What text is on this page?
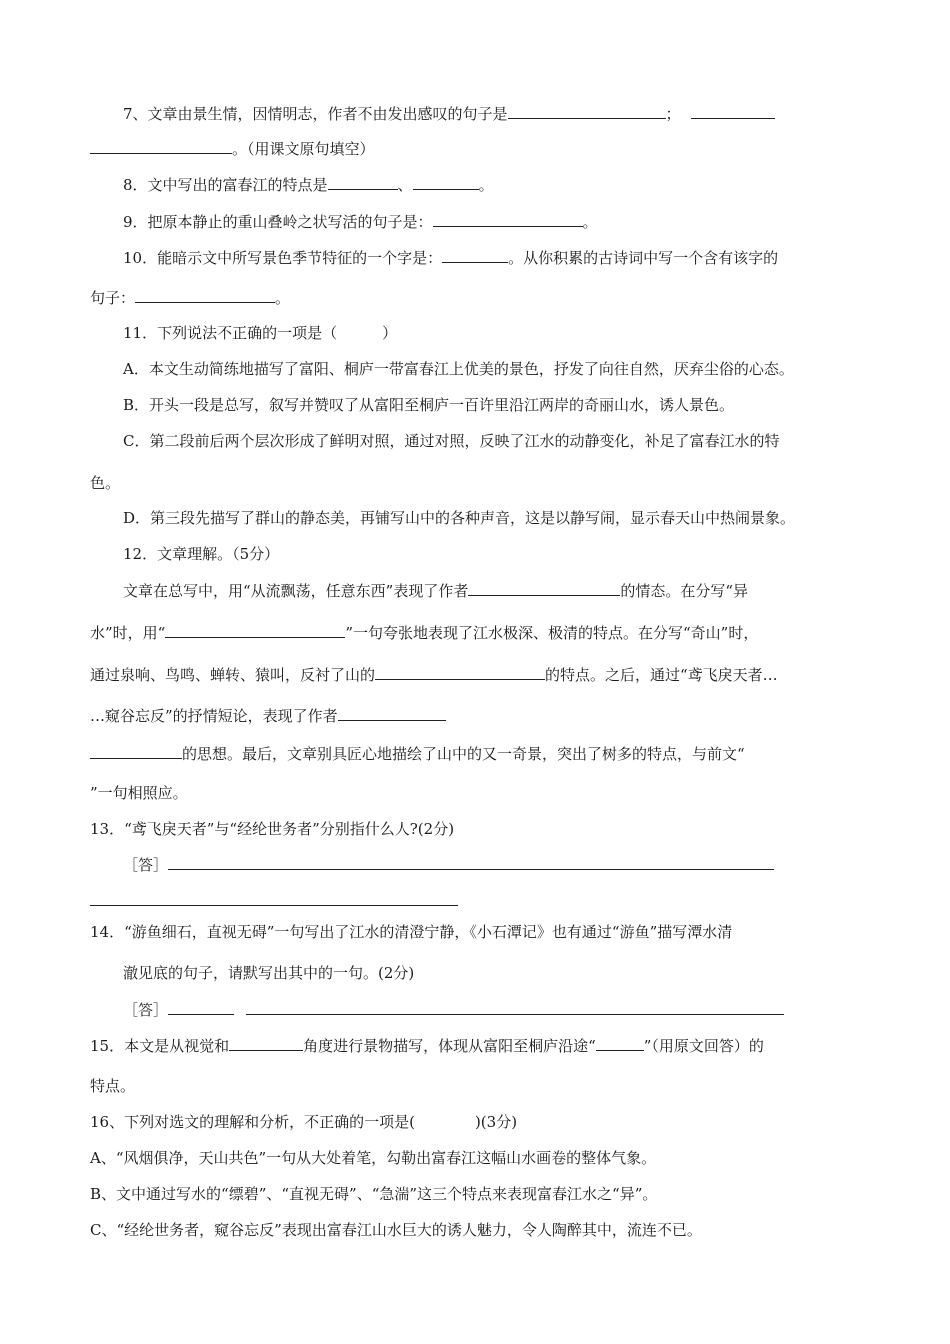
7、文章由景生情，因情明志，作者不由发出感叹的句子是	；
。（用课文原句填空）
8．文中写出的富春江的特点是	、	。
9．把原本静止的重山叠岭之状写活的句子是：	。
10．能暗示文中所写景色季节特征的一个字是：	。从你积累的古诗词中写一个含有该字的
句子：	。
11．下列说法不正确的一项是（　　　）
A．本文生动简练地描写了富阳、桐庐一带富春江上优美的景色，抒发了向往自然，厌弃尘俗的心态。
B．开头一段是总写，叙写并赞叹了从富阳至桐庐一百许里沿江两岸的奇丽山水，诱人景色。
C．第二段前后两个层次形成了鲜明对照，通过对照，反映了江水的动静变化，补足了富春江水的特
色。
D．第三段先描写了群山的静态美，再铺写山中的各种声音，这是以静写闹，显示春天山中热闹景象。
12．文章理解。（5分）
文章在总写中，用“从流飘荡，任意东西”表现了作者	的情态。在分写“异
水”时，用“	”一句夸张地表现了江水极深、极清的特点。在分写“奇山”时，
通过泉响、鸟鸣、蝉转、猿叫，反衬了山的	的特点。之后，通过“鸢飞戾天者…
…窥谷忘反”的抒情短论，表现了作者
的思想。最后，文章别具匠心地描绘了山中的又一奇景，突出了树多的特点，与前文“
”一句相照应。
13．“鸢飞戾天者”与“经纶世务者”分别指什么人?(2分)
［答］
14．“游鱼细石，直视无碍”一句写出了江水的清澄宁静，《小石潭记》也有通过“游鱼”描写潭水清
澈见底的句子，请默写出其中的一句。(2分)
［答］
15．本文是从视觉和	角度进行景物描写，体现从富阳至桐庐沿途“	”（用原文回答）的
特点。
16、下列对选文的理解和分析，不正确的一项是(　　　　)(3分)
A、“风烟俱净，天山共色”一句从大处着笔，勾勒出富春江这幅山水画卷的整体气象。
B、文中通过写水的“缥碧”、“直视无碍”、“急湍”这三个特点来表现富春江水之“异”。
C、“经纶世务者，窥谷忘反”表现出富春江山水巨大的诱人魅力，令人陶醉其中，流连不已。
